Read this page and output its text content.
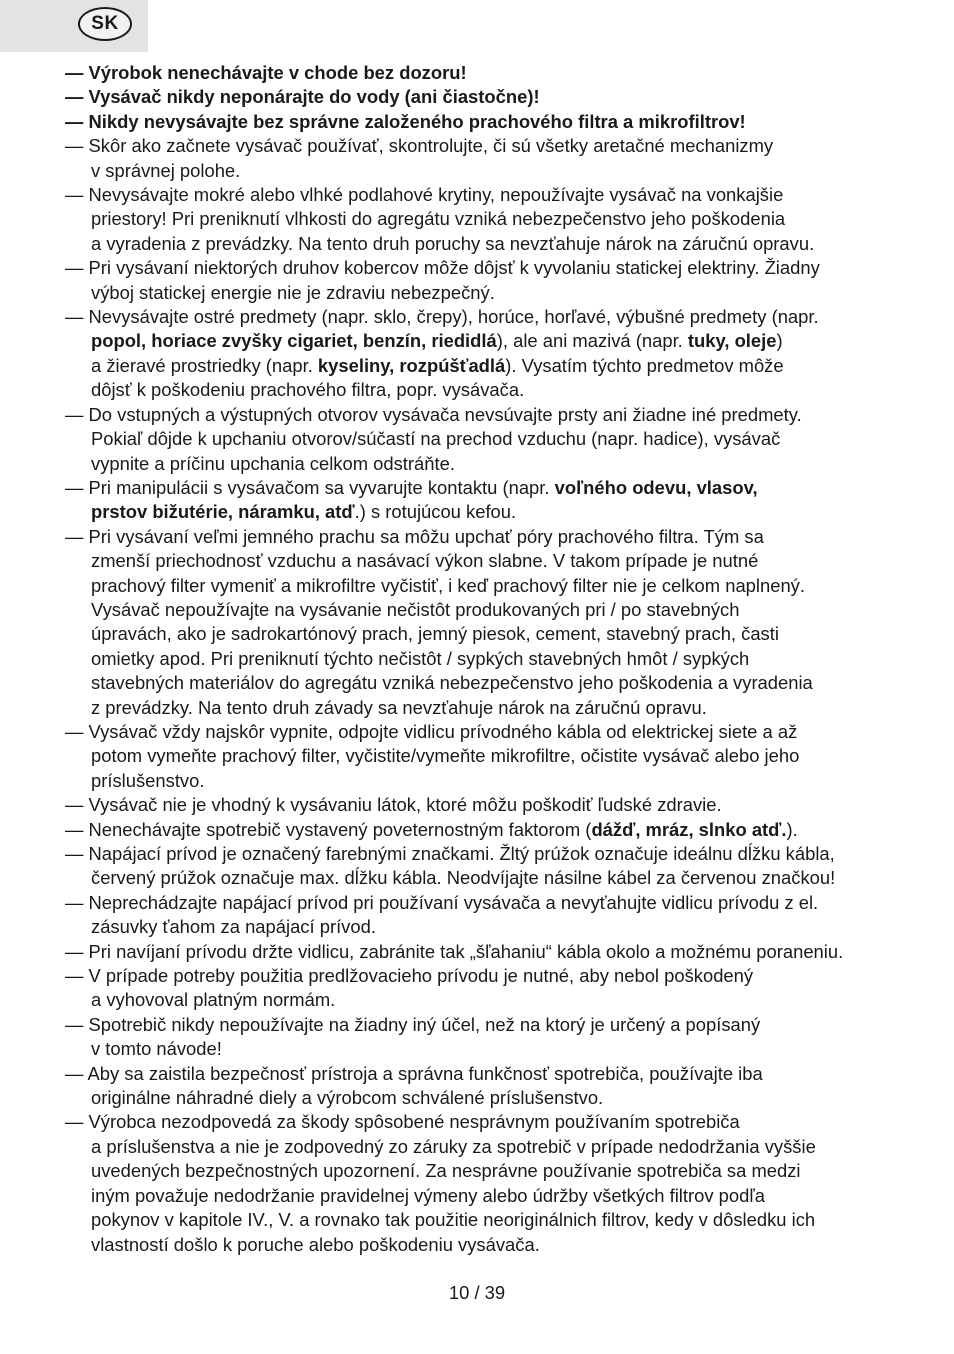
SK

— Výrobok nenechávajte v chode bez dozoru!

— Vysávač nikdy neponárajte do vody (ani čiastočne)!

— Nikdy nevysávajte bez správne založeného prachového filtra a mikrofiltrov!

— Skôr ako začnete vysávač používať, skontrolujte, či sú všetky aretačné mechanizmy
v správnej polohe.

— Nevysávajte mokré alebo vlhké podlahové krytiny, nepoužívajte vysávač na vonkajšie
priestory! Pri preniknutí vlhkosti do agregátu vzniká nebezpečenstvo jeho poškodenia
a vyradenia z prevádzky. Na tento druh poruchy sa nevzťahuje nárok na záručnú opravu.

— Pri vysávaní niektorých druhov kobercov môže dôjsť k vyvolaniu statickej elektriny. Žiadny
výboj statickej energie nie je zdraviu nebezpečný.

— Nevysávajte ostré predmety (napr. sklo, črepy), horúce, horľavé, výbušné predmety (napr.
popol, horiace zvyšky cigariet, benzín, riedidlá), ale ani mazivá (napr. tuky, oleje)
a žieravé prostriedky (napr. kyseliny, rozpúšťadlá). Vysatím týchto predmetov môže
dôjsť k poškodeniu prachového filtra, popr. vysávača.

— Do vstupných a výstupných otvorov vysávača nevsúvajte prsty ani žiadne iné predmety.
Pokiaľ dôjde k upchaniu otvorov/súčastí na prechod vzduchu (napr. hadice), vysávač
vypnite a príčinu upchania celkom odstráňte.

— Pri manipulácii s vysávačom sa vyvarujte kontaktu (napr. voľného odevu, vlasov,
prstov bižutérie, náramku, atď.) s rotujúcou kefou.

— Pri vysávaní veľmi jemného prachu sa môžu upchať póry prachového filtra. Tým sa
zmenší priechodnosť vzduchu a nasávací výkon slabne. V takom prípade je nutné
prachový filter vymeniť a mikrofiltre vyčistiť, i keď prachový filter nie je celkom naplnený.
Vysávač nepoužívajte na vysávanie nečistôt produkovaných pri / po stavebných
úpravách, ako je sadrokartónový prach, jemný piesok, cement, stavebný prach, časti
omietky apod. Pri preniknutí týchto nečistôt / sypkých stavebných hmôt / sypkých
stavebných materiálov do agregátu vzniká nebezpečenstvo jeho poškodenia a vyradenia
z prevádzky. Na tento druh závady sa nevzťahuje nárok na záručnú opravu.

— Vysávač vždy najskôr vypnite, odpojte vidlicu prívodného kábla od elektrickej siete a až
potom vymeňte prachový filter, vyčistite/vymeňte mikrofiltre, očistite vysávač alebo jeho
príslušenstvo.

— Vysávač nie je vhodný k vysávaniu látok, ktoré môžu poškodiť ľudské zdravie.

— Nenechávajte spotrebič vystavený poveternostným faktorom (dážď, mráz, slnko atď.).

— Napájací prívod je označený farebnými značkami. Žltý prúžok označuje ideálnu dĺžku kábla,
červený prúžok označuje max. dĺžku kábla. Neodvíjajte násilne kábel za červenou značkou!

— Neprechádzajte napájací prívod pri používaní vysávača a nevyťahujte vidlicu prívodu z el.
zásuvky ťahom za napájací prívod.

— Pri navíjaní prívodu držte vidlicu, zabránite tak „šľahaniu“ kábla okolo a možnému poraneniu.

— V prípade potreby použitia predlžovacieho prívodu je nutné, aby nebol poškodený
a vyhovoval platným normám.

— Spotrebič nikdy nepoužívajte na žiadny iný účel, než na ktorý je určený a popísaný
v tomto návode!

— Aby sa zaistila bezpečnosť prístroja a správna funkčnosť spotrebiča, používajte iba
originálne náhradné diely a výrobcom schválené príslušenstvo.

— Výrobca nezodpovedá za škody spôsobené nesprávnym používaním spotrebiča
a príslušenstva a nie je zodpovedný zo záruky za spotrebič v prípade nedodržania vyššie
uvedených bezpečnostných upozornení. Za nesprávne používanie spotrebiča sa medzi
iným považuje nedodržanie pravidelnej výmeny alebo údržby všetkých filtrov podľa
pokynov v kapitole IV., V. a rovnako tak použitie neoriginálnich filtrov, kedy v dôsledku ich
vlastností došlo k poruche alebo poškodeniu vysávača.

10 / 39
